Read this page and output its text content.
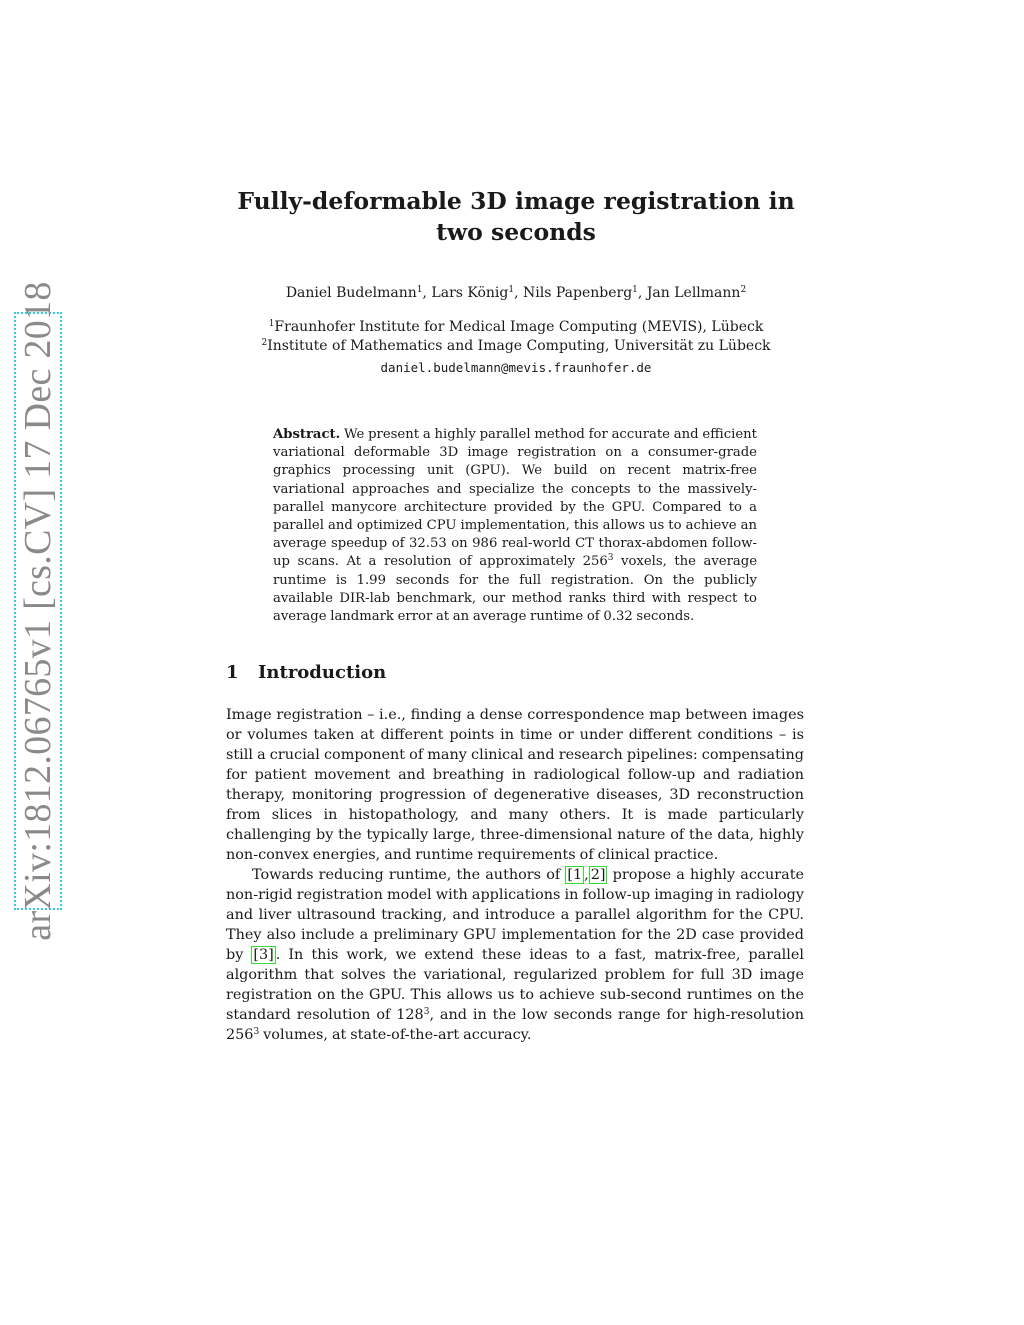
arXiv:1812.06765v1 [cs.CV] 17 Dec 2018
Fully-deformable 3D image registration in two seconds
Daniel Budelmann$^1$, Lars König$^1$, Nils Papenberg$^1$, Jan Lellmann$^2$
$^1$Fraunhofer Institute for Medical Image Computing (MEVIS), Lübeck
$^2$Institute of Mathematics and Image Computing, Universität zu Lübeck
daniel.budelmann@mevis.fraunhofer.de
Abstract. We present a highly parallel method for accurate and efficient variational deformable 3D image registration on a consumer-grade graphics processing unit (GPU). We build on recent matrix-free variational approaches and specialize the concepts to the massively-parallel manycore architecture provided by the GPU. Compared to a parallel and optimized CPU implementation, this allows us to achieve an average speedup of 32.53 on 986 real-world CT thorax-abdomen follow-up scans. At a resolution of approximately $256^3$ voxels, the average runtime is 1.99 seconds for the full registration. On the publicly available DIR-lab benchmark, our method ranks third with respect to average landmark error at an average runtime of 0.32 seconds.
1 Introduction

Image registration – i.e., finding a dense correspondence map between images or volumes taken at different points in time or under different conditions – is still a crucial component of many clinical and research pipelines: compensating for patient movement and breathing in radiological follow-up and radiation therapy, monitoring progression of degenerative diseases, 3D reconstruction from slices in histopathology, and many others. It is made particularly challenging by the typically large, three-dimensional nature of the data, highly non-convex energies, and runtime requirements of clinical practice.

Towards reducing runtime, the authors of [1 , 2] propose a highly accurate non-rigid registration model with applications in follow-up imaging in radiology and liver ultrasound tracking, and introduce a parallel algorithm for the CPU. They also include a preliminary GPU implementation for the 2D case provided by [3] . In this work, we extend these ideas to a fast, matrix-free, parallel algorithm that solves the variational, regularized problem for full 3D image registration on the GPU. This allows us to achieve sub-second runtimes on the standard resolution of $128^3$, and in the low seconds range for high-resolution $256^3$ volumes, at state-of-the-art accuracy.
